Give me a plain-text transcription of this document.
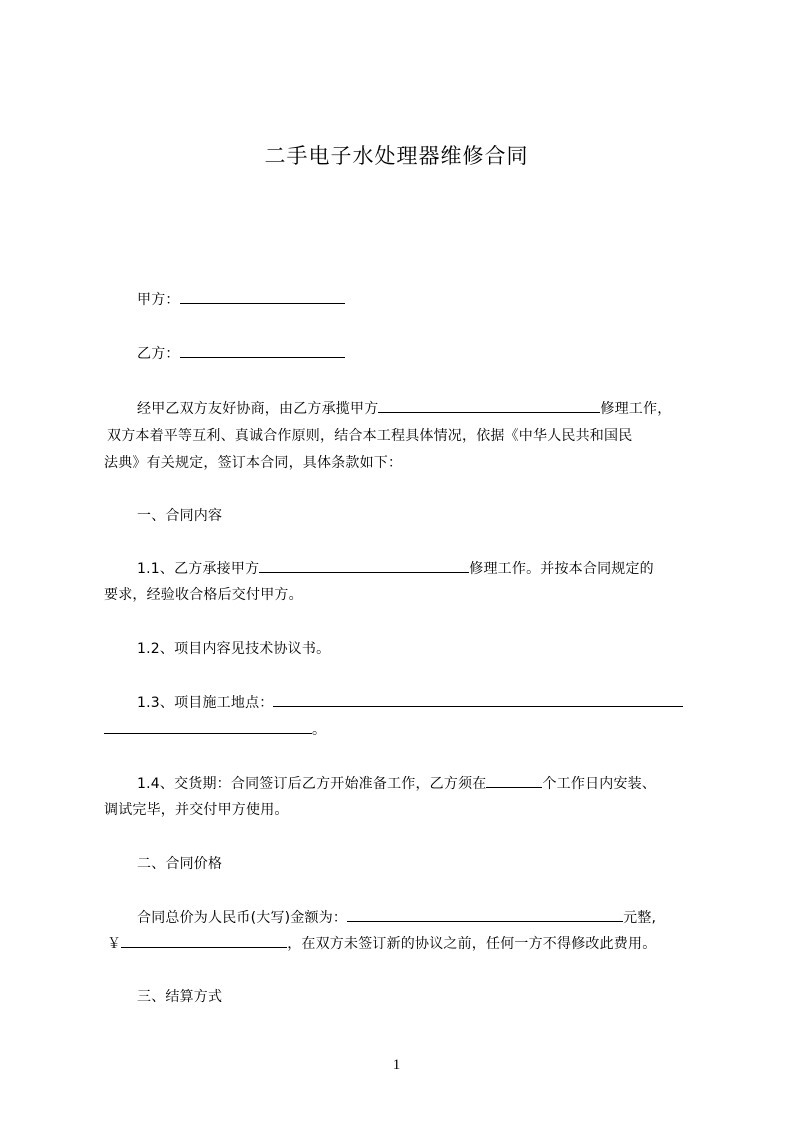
二手电子水处理器维修合同
甲方：
乙方：
经甲乙双方友好协商，由乙方承揽甲方	修理工作，
双方本着平等互利、真诚合作原则，结合本工程具体情况，依据《中华人民共和国民
法典》有关规定，签订本合同，具体条款如下：
一、合同内容
1.1、乙方承接甲方	修理工作。并按本合同规定的
要求，经验收合格后交付甲方。
1.2、项目内容见技术协议书。
1.3、项目施工地点：
。
1.4、交货期：合同签订后乙方开始准备工作，乙方须在	个工作日内安装、
调试完毕，并交付甲方使用。
二、合同价格
合同总价为人民币(大写)金额为：	元整,
￥	，在双方未签订新的协议之前，任何一方不得修改此费用。
三、结算方式
1
